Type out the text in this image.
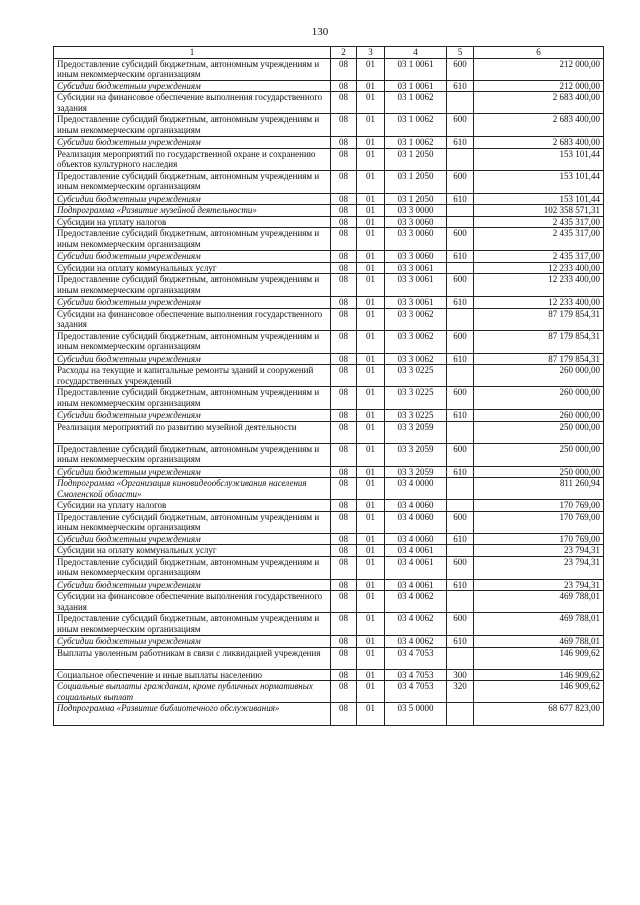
130
1	2	3	4	5	6
Предоставление субсидий бюджетным, автономным учреждениям и иным некоммерческим организациям	08	01	03 1 0061	600	212 000,00
Субсидии бюджетным учреждениям	08	01	03 1 0061	610	212 000,00
Субсидии на финансовое обеспечение выполнения государственного задания	08	01	03 1 0062		2 683 400,00
Предоставление субсидий бюджетным, автономным учреждениям и иным некоммерческим организациям	08	01	03 1 0062	600	2 683 400,00
Субсидии бюджетным учреждениям	08	01	03 1 0062	610	2 683 400,00
Реализация мероприятий по государственной охране и сохранению объектов культурного наследия	08	01	03 1 2050		153 101,44
Предоставление субсидий бюджетным, автономным учреждениям и иным некоммерческим организациям	08	01	03 1 2050	600	153 101,44
Субсидии бюджетным учреждениям	08	01	03 1 2050	610	153 101,44
Подпрограмма «Развитие музейной деятельности»	08	01	03 3 0000		102 358 571,31
Субсидии на уплату налогов	08	01	03 3 0060		2 435 317,00
Предоставление субсидий бюджетным, автономным учреждениям и иным некоммерческим организациям	08	01	03 3 0060	600	2 435 317,00
Субсидии бюджетным учреждениям	08	01	03 3 0060	610	2 435 317,00
Субсидии на оплату коммунальных услуг	08	01	03 3 0061		12 233 400,00
Предоставление субсидий бюджетным, автономным учреждениям и иным некоммерческим организациям	08	01	03 3 0061	600	12 233 400,00
Субсидии бюджетным учреждениям	08	01	03 3 0061	610	12 233 400,00
Субсидии на финансовое обеспечение выполнения государственного задания	08	01	03 3 0062		87 179 854,31
Предоставление субсидий бюджетным, автономным учреждениям и иным некоммерческим организациям	08	01	03 3 0062	600	87 179 854,31
Субсидии бюджетным учреждениям	08	01	03 3 0062	610	87 179 854,31
Расходы на текущие и капитальные ремонты зданий и сооружений государственных учреждений	08	01	03 3 0225		260 000,00
Предоставление субсидий бюджетным, автономным учреждениям и иным некоммерческим организациям	08	01	03 3 0225	600	260 000,00
Субсидии бюджетным учреждениям	08	01	03 3 0225	610	260 000,00
Реализация мероприятий по развитию музейной деятельности	08	01	03 3 2059		250 000,00
Предоставление субсидий бюджетным, автономным учреждениям и иным некоммерческим организациям	08	01	03 3 2059	600	250 000,00
Субсидии бюджетным учреждениям	08	01	03 3 2059	610	250 000,00
Подпрограмма «Организация киновидеообслуживания населения Смоленской области»	08	01	03 4 0000		811 260,94
Субсидии на уплату налогов	08	01	03 4 0060		170 769,00
Предоставление субсидий бюджетным, автономным учреждениям и иным некоммерческим организациям	08	01	03 4 0060	600	170 769,00
Субсидии бюджетным учреждениям	08	01	03 4 0060	610	170 769,00
Субсидии на оплату коммунальных услуг	08	01	03 4 0061		23 794,31
Предоставление субсидий бюджетным, автономным учреждениям и иным некоммерческим организациям	08	01	03 4 0061	600	23 794,31
Субсидии бюджетным учреждениям	08	01	03 4 0061	610	23 794,31
Субсидии на финансовое обеспечение выполнения государственного задания	08	01	03 4 0062		469 788,01
Предоставление субсидий бюджетным, автономным учреждениям и иным некоммерческим организациям	08	01	03 4 0062	600	469 788,01
Субсидии бюджетным учреждениям	08	01	03 4 0062	610	469 788,01
Выплаты уволенным работникам в связи с ликвидацией учреждения	08	01	03 4 7053		146 909,62
Социальное обеспечение и иные выплаты населению	08	01	03 4 7053	300	146 909,62
Социальные выплаты гражданам, кроме публичных нормативных социальных выплат	08	01	03 4 7053	320	146 909,62
Подпрограмма «Развитие библиотечного обслуживания»	08	01	03 5 0000		68 677 823,00
